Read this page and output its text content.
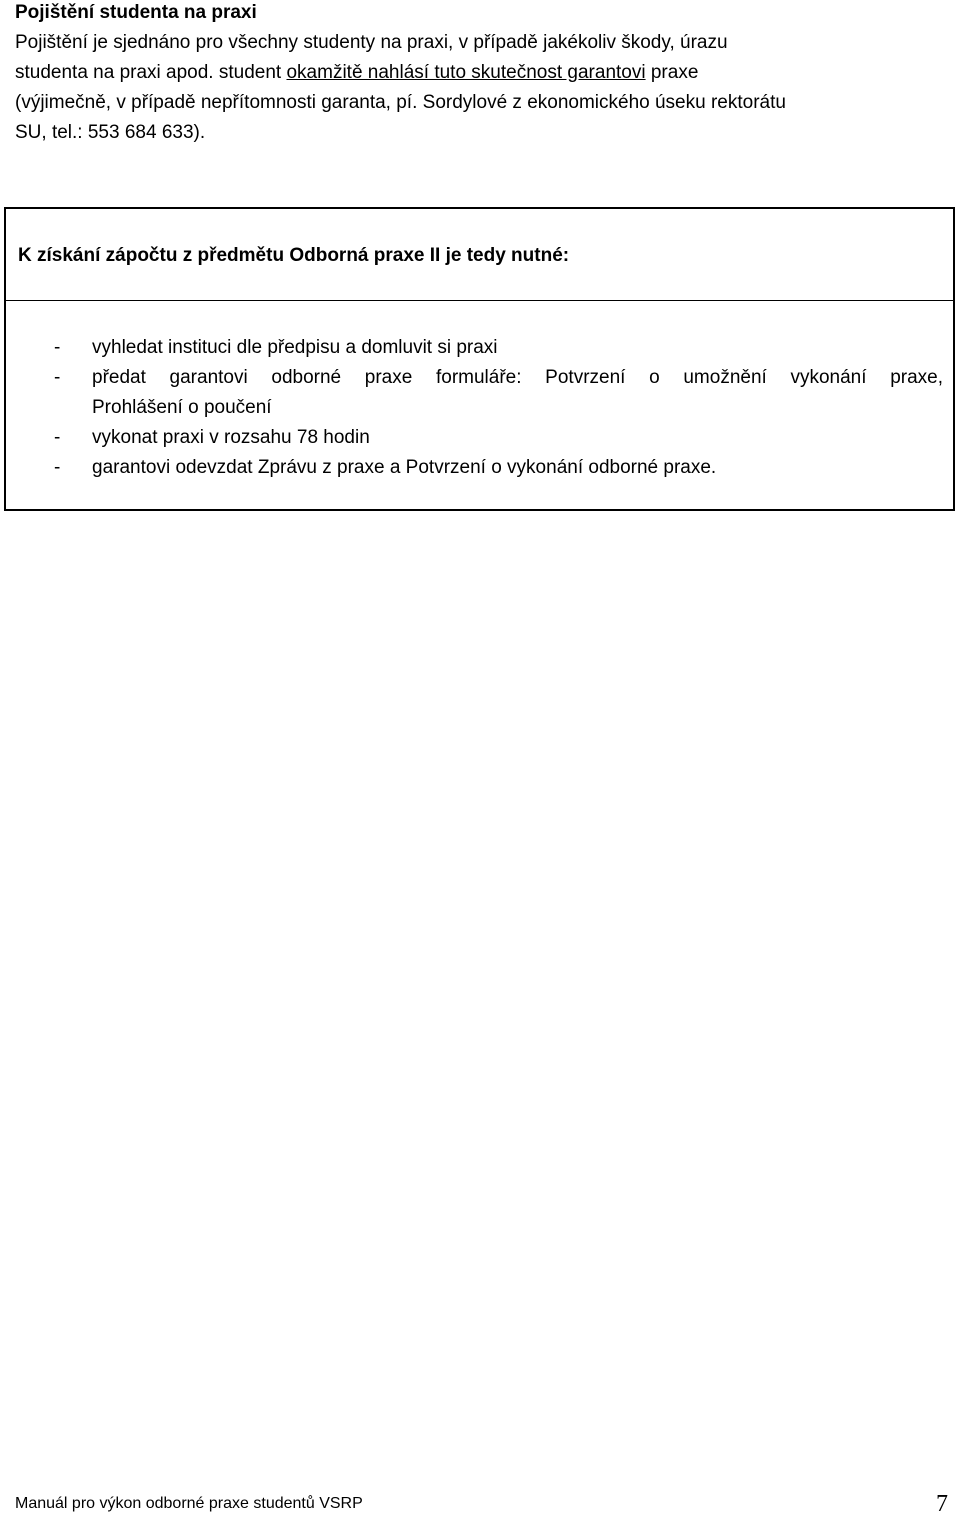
Pojištění studenta na praxi

Pojištění je sjednáno pro všechny studenty na praxi, v případě jakékoliv škody, úrazu
studenta na praxi apod. student okamžitě nahlásí tuto skutečnost garantovi praxe
(výjimečně, v případě nepřítomnosti garanta, pí. Sordylové z ekonomického úseku rektorátu
SU, tel.: 553 684 633).

K získání zápočtu z předmětu Odborná praxe II je tedy nutné:

- vyhledat instituci dle předpisu a domluvit si praxi
- předat garantovi odborné praxe formuláře: Potvrzení o umožnění vykonání praxe,
Prohlášení o poučení
- vykonat praxi v rozsahu 78 hodin
- garantovi odevzdat Zprávu z praxe a Potvrzení o vykonání odborné praxe.

Manuál pro výkon odborné praxe studentů VSRP	7
